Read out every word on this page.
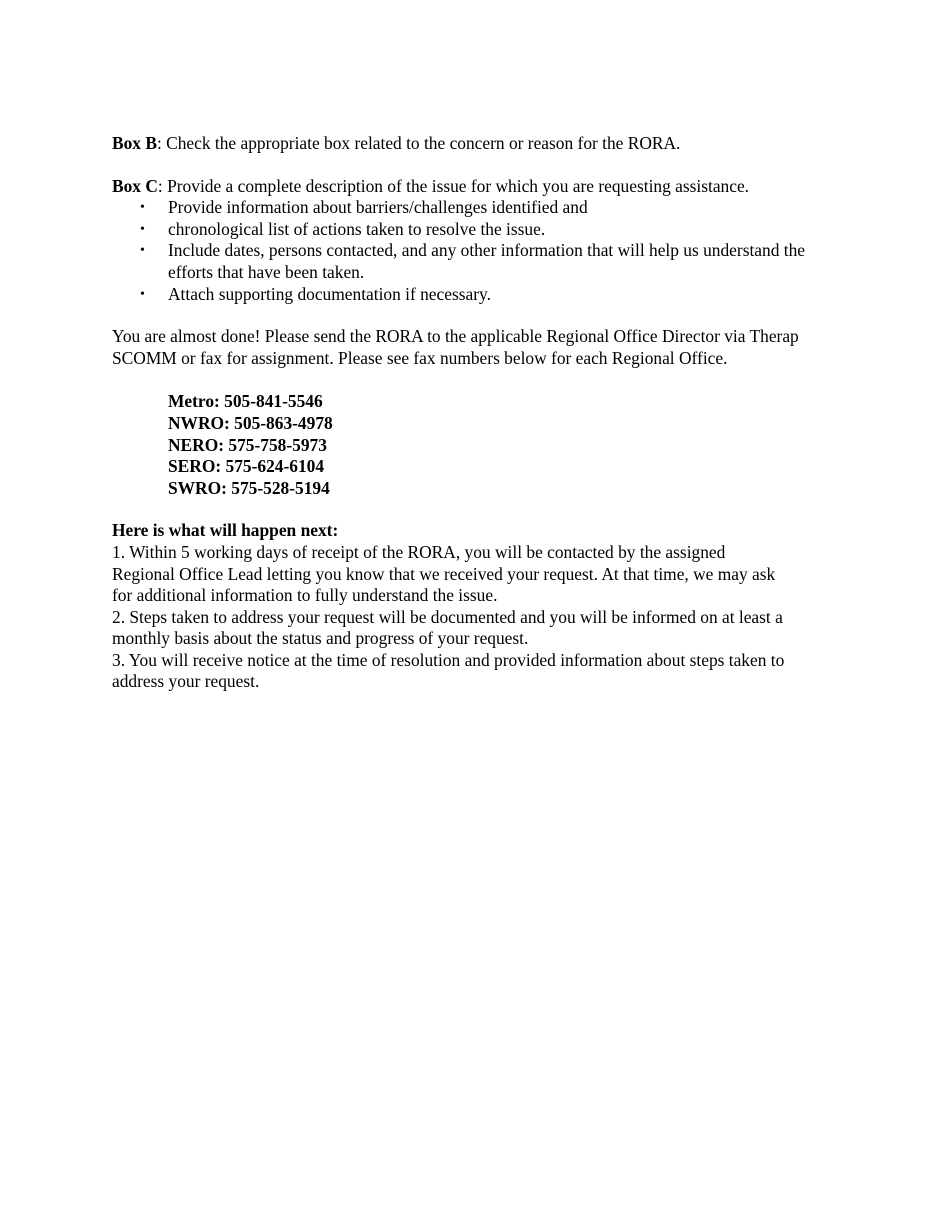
Box B: Check the appropriate box related to the concern or reason for the RORA.

Box C: Provide a complete description of the issue for which you are requesting assistance.

• Provide information about barriers/challenges identified and
• chronological list of actions taken to resolve the issue.
• Include dates, persons contacted, and any other information that will help us understand the efforts that have been taken.
• Attach supporting documentation if necessary.

You are almost done! Please send the RORA to the applicable Regional Office Director via Therap SCOMM or fax for assignment. Please see fax numbers below for each Regional Office.

Metro: 505-841-5546
NWRO: 505-863-4978
NERO: 575-758-5973
SERO: 575-624-6104
SWRO: 575-528-5194

Here is what will happen next:

1. Within 5 working days of receipt of the RORA, you will be contacted by the assigned Regional Office Lead letting you know that we received your request. At that time, we may ask for additional information to fully understand the issue.

2. Steps taken to address your request will be documented and you will be informed on at least a monthly basis about the status and progress of your request.

3. You will receive notice at the time of resolution and provided information about steps taken to address your request.
